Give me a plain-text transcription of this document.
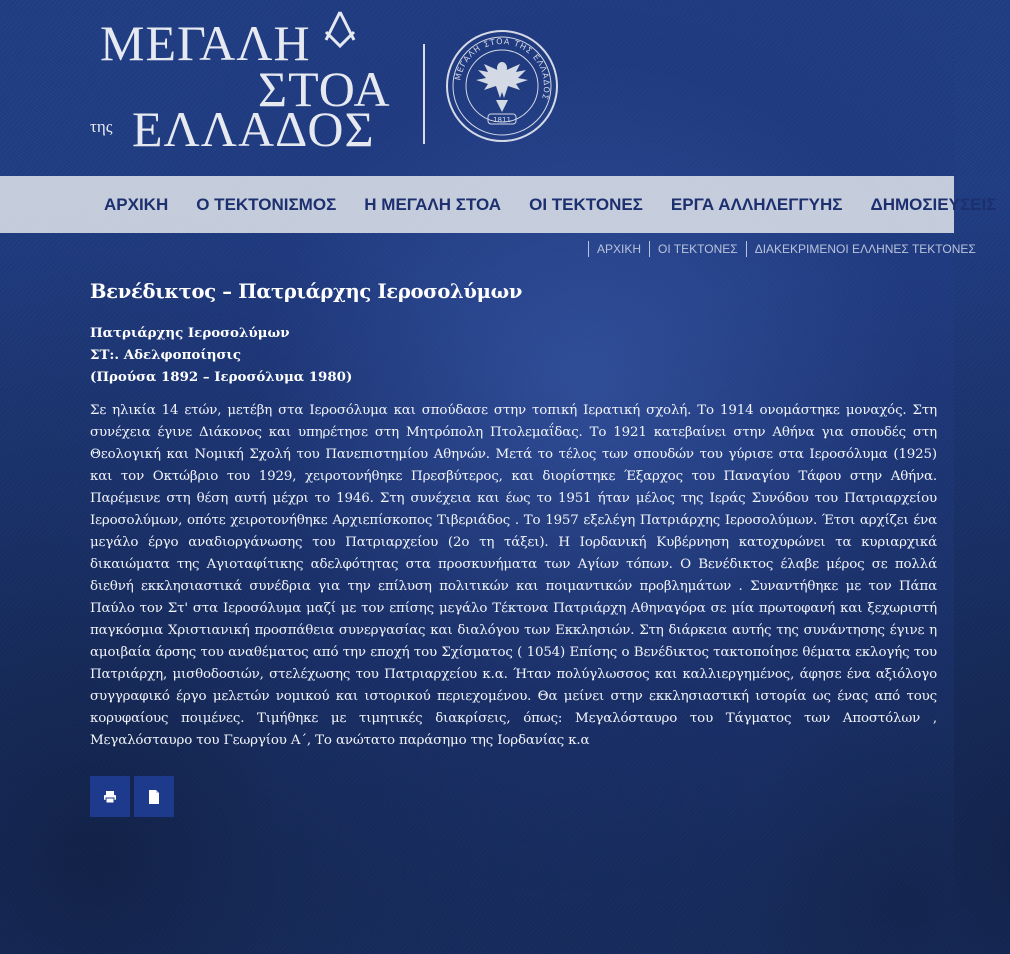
ΜΕΓΑΛΗ
ΣΤΟΑ
της ΕΛΛΑΔΟΣ
ΜΕΓΑΛΗ ΣΤΟΑ ΤΗΣ ΕΛΛΑΔΟΣ
1811
ΑΡΧΙΚΗ	Ο ΤΕΚΤΟΝΙΣΜΟΣ	Η ΜΕΓΑΛΗ ΣΤΟΑ	ΟΙ ΤΕΚΤΟΝΕΣ	ΕΡΓΑ ΑΛΛΗΛΕΓΓΥΗΣ	ΔΗΜΟΣΙΕΥΣΕΙΣ
ΑΡΧΙΚΗ	ΟΙ ΤΕΚΤΟΝΕΣ	ΔΙΑΚΕΚΡΙΜΕΝΟΙ ΕΛΛΗΝΕΣ ΤΕΚΤΟΝΕΣ
Βενέδικτος – Πατριάρχης Ιεροσολύμων
Πατριάρχης Ιεροσολύμων
ΣΤ:. Αδελφοποίησις
(Προύσα 1892 – Ιεροσόλυμα 1980)

Σε ηλικία 14 ετών, μετέβη στα Ιεροσόλυμα και σπούδασε στην τοπική Ιερατική σχολή. Το 1914 ονομάστηκε μοναχός. Στη συνέχεια έγινε Διάκονος και υπηρέτησε στη Μητρόπολη Πτολεμαΐδας. Το 1921 κατεβαίνει στην Αθήνα για σπουδές στη Θεολογική και Νομική Σχολή του Πανεπιστημίου Αθηνών. Μετά το τέλος των σπουδών του γύρισε στα Ιεροσόλυμα (1925) και τον Οκτώβριο του 1929, χειροτονήθηκε Πρεσβύτερος, και διορίστηκε Έξαρχος του Παναγίου Τάφου στην Αθήνα. Παρέμεινε στη θέση αυτή μέχρι το 1946. Στη συνέχεια και έως το 1951 ήταν μέλος της Ιεράς Συνόδου του Πατριαρχείου Ιεροσολύμων, οπότε χειροτονήθηκε Αρχιεπίσκοπος Τιβεριάδος . Το 1957 εξελέγη Πατριάρχης Ιεροσολύμων. Έτσι αρχίζει ένα μεγάλο έργο αναδιοργάνωσης του Πατριαρχείου (2ο τη τάξει). Η Ιορδανική Κυβέρνηση κατοχυρώνει τα κυριαρχικά δικαιώματα της Αγιοταφίτικης αδελφότητας στα προσκυνήματα των Αγίων τόπων. Ο Βενέδικτος έλαβε μέρος σε πολλά διεθνή εκκλησιαστικά συνέδρια για την επίλυση πολιτικών και ποιμαντικών προβλημάτων . Συναντήθηκε με τον Πάπα Παύλο τον Στ' στα Ιεροσόλυμα μαζί με τον επίσης μεγάλο Τέκτονα Πατριάρχη Αθηναγόρα σε μία πρωτοφανή και ξεχωριστή παγκόσμια Χριστιανική προσπάθεια συνεργασίας και διαλόγου των Εκκλησιών. Στη διάρκεια αυτής της συνάντησης έγινε η αμοιβαία άρσης του αναθέματος από την εποχή του Σχίσματος ( 1054) Επίσης ο Βενέδικτος τακτοποίησε θέματα εκλογής του Πατριάρχη, μισθοδοσιών, στελέχωσης του Πατριαρχείου κ.α. Ήταν πολύγλωσσος και καλλιεργημένος, άφησε ένα αξιόλογο συγγραφικό έργο μελετών νομικού και ιστορικού περιεχομένου. Θα μείνει στην εκκλησιαστική ιστορία ως ένας από τους κορυφαίους ποιμένες. Τιμήθηκε με τιμητικές διακρίσεις, όπως: Μεγαλόσταυρο του Τάγματος των Αποστόλων , Μεγαλόσταυρο του Γεωργίου Α΄, Το ανώτατο παράσημο της Ιορδανίας κ.α
